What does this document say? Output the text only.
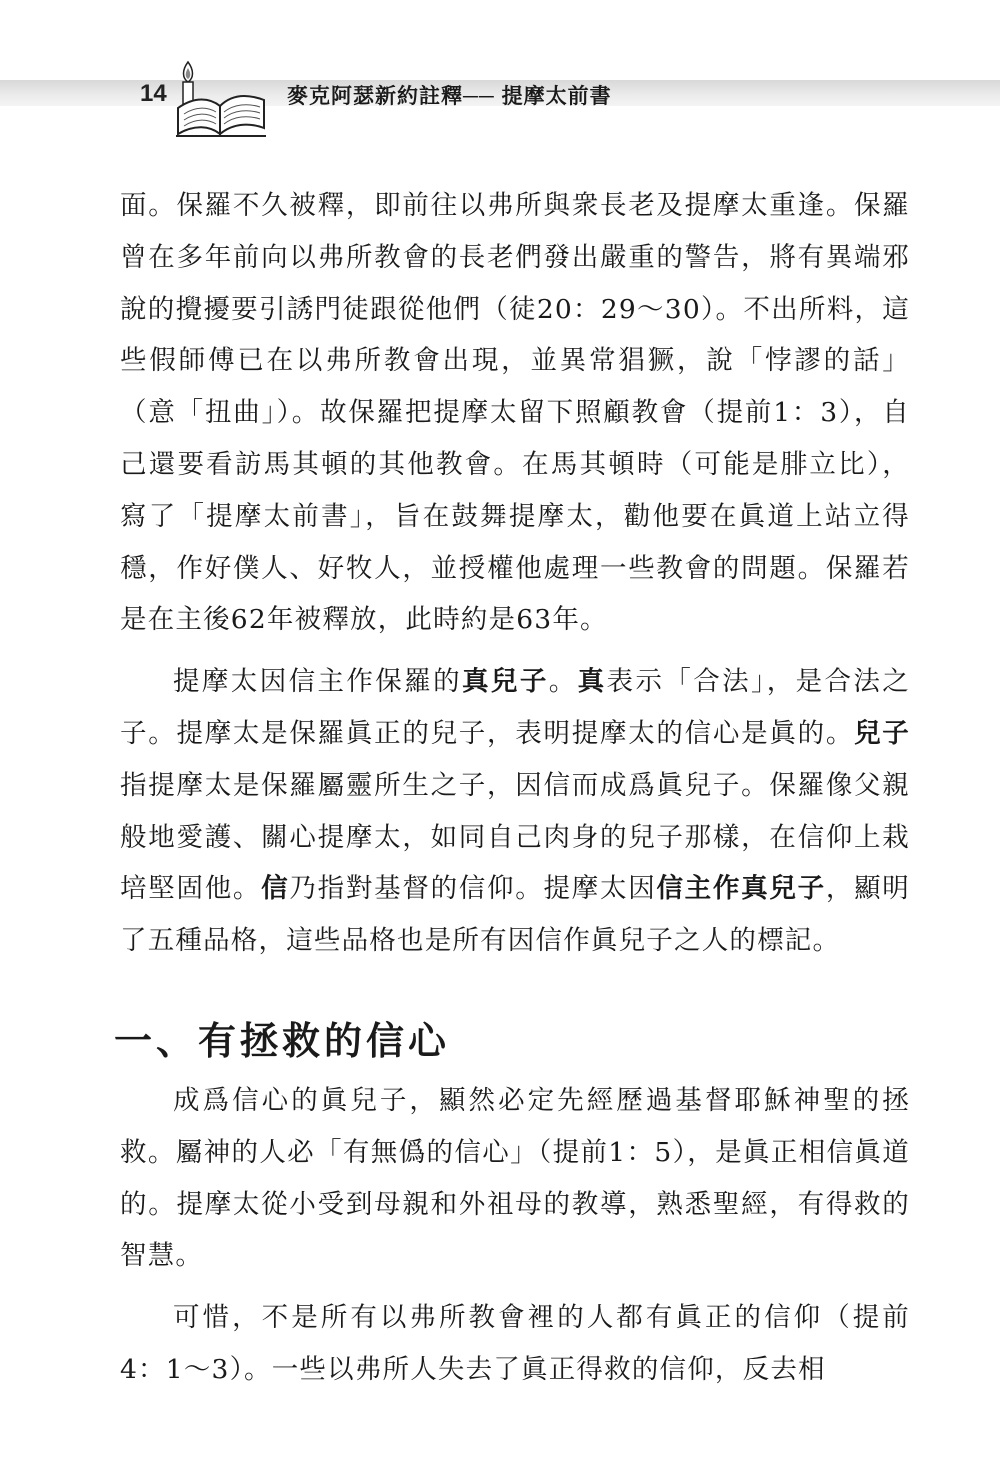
14	麥克阿瑟新約註釋── 提摩太前書

面。保羅不久被釋，即前往以弗所與衆長老及提摩太重逢。保羅曾在多年前向以弗所教會的長老們發出嚴重的警告，將有異端邪說的攪擾要引誘門徒跟從他們（徒20：29～30）。不出所料，這些假師傅已在以弗所教會出現，並異常猖獗，說「悖謬的話」（意「扭曲」）。故保羅把提摩太留下照顧教會（提前1：3），自己還要看訪馬其頓的其他教會。在馬其頓時（可能是腓立比），寫了「提摩太前書」，旨在鼓舞提摩太，勸他要在眞道上站立得穩，作好僕人、好牧人，並授權他處理一些教會的問題。保羅若是在主後62年被釋放，此時約是63年。

提摩太因信主作保羅的真兒子。真表示「合法」，是合法之子。提摩太是保羅眞正的兒子，表明提摩太的信心是眞的。兒子指提摩太是保羅屬靈所生之子，因信而成爲眞兒子。保羅像父親般地愛護、關心提摩太，如同自己肉身的兒子那樣，在信仰上栽培堅固他。信乃指對基督的信仰。提摩太因信主作真兒子，顯明了五種品格，這些品格也是所有因信作眞兒子之人的標記。

一、有拯救的信心

成爲信心的眞兒子，顯然必定先經歷過基督耶穌神聖的拯救。屬神的人必「有無僞的信心」（提前1：5），是眞正相信眞道的。提摩太從小受到母親和外祖母的教導，熟悉聖經，有得救的智慧。

可惜，不是所有以弗所教會裡的人都有眞正的信仰（提前4：1～3）。一些以弗所人失去了眞正得救的信仰，反去相
